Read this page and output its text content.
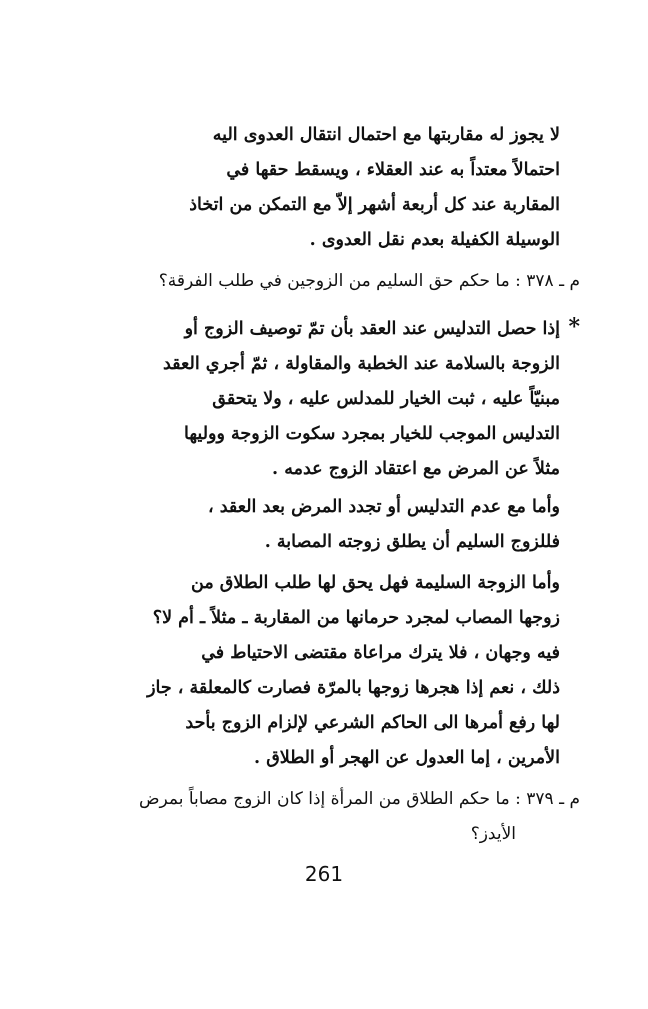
لا يجوز له مقاربتها مع احتمال انتقال العدوى اليه
احتمالاً معتداً به عند العقلاء ، ويسقط حقها في
المقاربة عند كل أربعة أشهر إلاّ مع التمكن من اتخاذ
الوسيلة الكفيلة بعدم نقل العدوى .
م ـ ٣٧٨ : ما حكم حق السليم من الزوجين في طلب الفرقة؟
*
إذا حصل التدليس عند العقد بأن تمّ توصيف الزوج أو
الزوجة بالسلامة عند الخطبة والمقاولة ، ثمّ أجري العقد
مبنيّاً عليه ، ثبت الخيار للمدلس عليه ، ولا يتحقق
التدليس الموجب للخيار بمجرد سكوت الزوجة ووليها
مثلاً عن المرض مع اعتقاد الزوج عدمه .
وأما مع عدم التدليس أو تجدد المرض بعد العقد ،
فللزوج السليم أن يطلق زوجته المصابة .
وأما الزوجة السليمة فهل يحق لها طلب الطلاق من
زوجها المصاب لمجرد حرمانها من المقاربة ـ مثلاً ـ أم لا؟
فيه وجهان ، فلا يترك مراعاة مقتضى الاحتياط في
ذلك ، نعم إذا هجرها زوجها بالمرّة فصارت كالمعلقة ، جاز
لها رفع أمرها الى الحاكم الشرعي لإلزام الزوج بأحد
الأمرين ، إما العدول عن الهجر أو الطلاق .
م ـ ٣٧٩ : ما حكم الطلاق من المرأة إذا كان الزوج مصاباً بمرض
الأيدز؟
261
